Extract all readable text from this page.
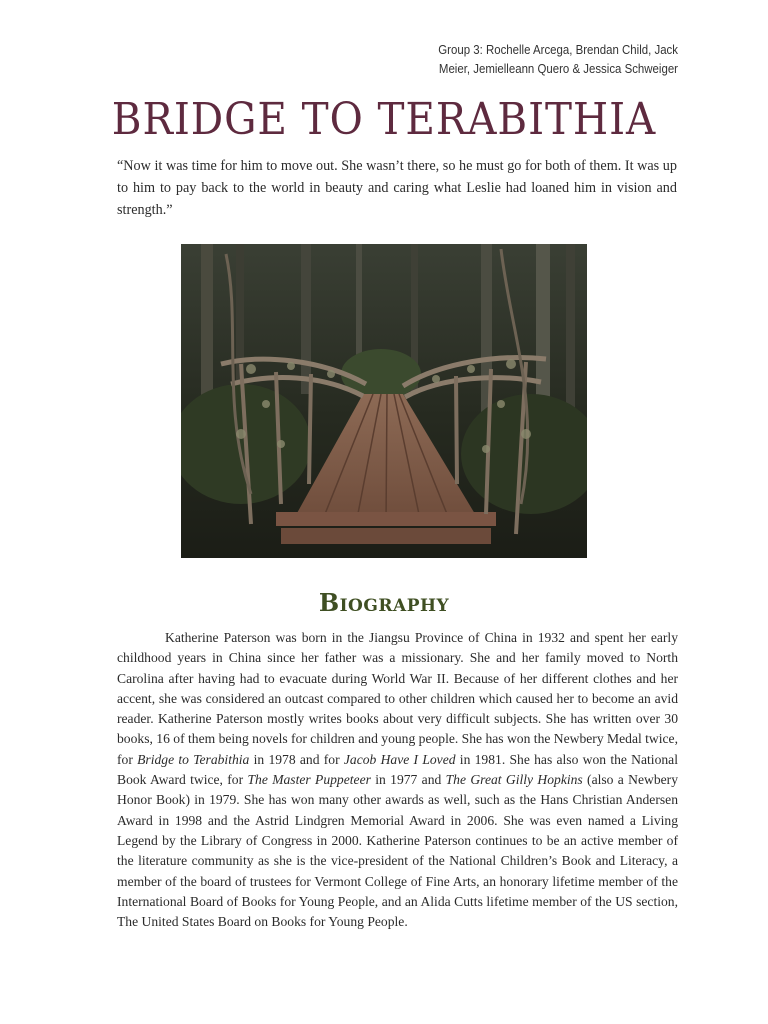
Group 3: Rochelle Arcega, Brendan Child, Jack
Meier, Jemielleann Quero & Jessica Schweiger
BRIDGE TO TERABITHIA

“Now it was time for him to move out. She wasn’t there, so he must go for both of them. It was up to him to pay back to the world in beauty and caring what Leslie had loaned him in vision and strength.”

Biography

Katherine Paterson was born in the Jiangsu Province of China in 1932 and spent her early childhood years in China since her father was a missionary. She and her family moved to North Carolina after having had to evacuate during World War II. Because of her different clothes and her accent, she was considered an outcast compared to other children which caused her to become an avid reader. Katherine Paterson mostly writes books about very difficult subjects. She has written over 30 books, 16 of them being novels for children and young people. She has won the Newbery Medal twice, for Bridge to Terabithia in 1978 and for Jacob Have I Loved in 1981. She has also won the National Book Award twice, for The Master Puppeteer in 1977 and The Great Gilly Hopkins (also a Newbery Honor Book) in 1979. She has won many other awards as well, such as the Hans Christian Andersen Award in 1998 and the Astrid Lindgren Memorial Award in 2006. She was even named a Living Legend by the Library of Congress in 2000. Katherine Paterson continues to be an active member of the literature community as she is the vice-president of the National Children’s Book and Literacy, a member of the board of trustees for Vermont College of Fine Arts, an honorary lifetime member of the International Board of Books for Young People, and an Alida Cutts lifetime member of the US section, The United States Board on Books for Young People.
